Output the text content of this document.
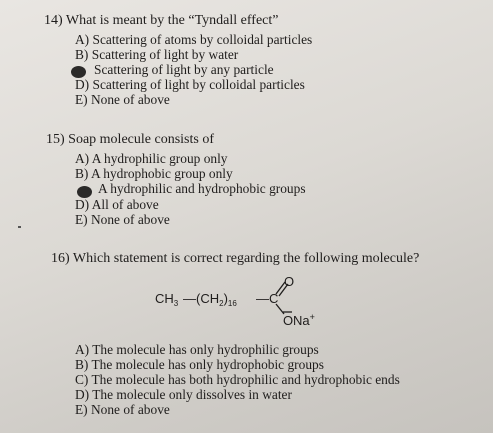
14) What is meant by the “Tyndall effect”
A) Scattering of atoms by colloidal particles
B) Scattering of light by water
Scattering of light by any particle
D) Scattering of light by colloidal particles
E) None of above
15) Soap molecule consists of
A) A hydrophilic group only
B) A hydrophobic group only
A hydrophilic and hydrophobic groups
D) All of above
E) None of above
16) Which statement is correct regarding the following molecule?
$CH_3$ $—(CH_2)_{16}$ —C
O
O Na+
A) The molecule has only hydrophilic groups
B) The molecule has only hydrophobic groups
C) The molecule has both hydrophilic and hydrophobic ends
D) The molecule only dissolves in water
E) None of above
